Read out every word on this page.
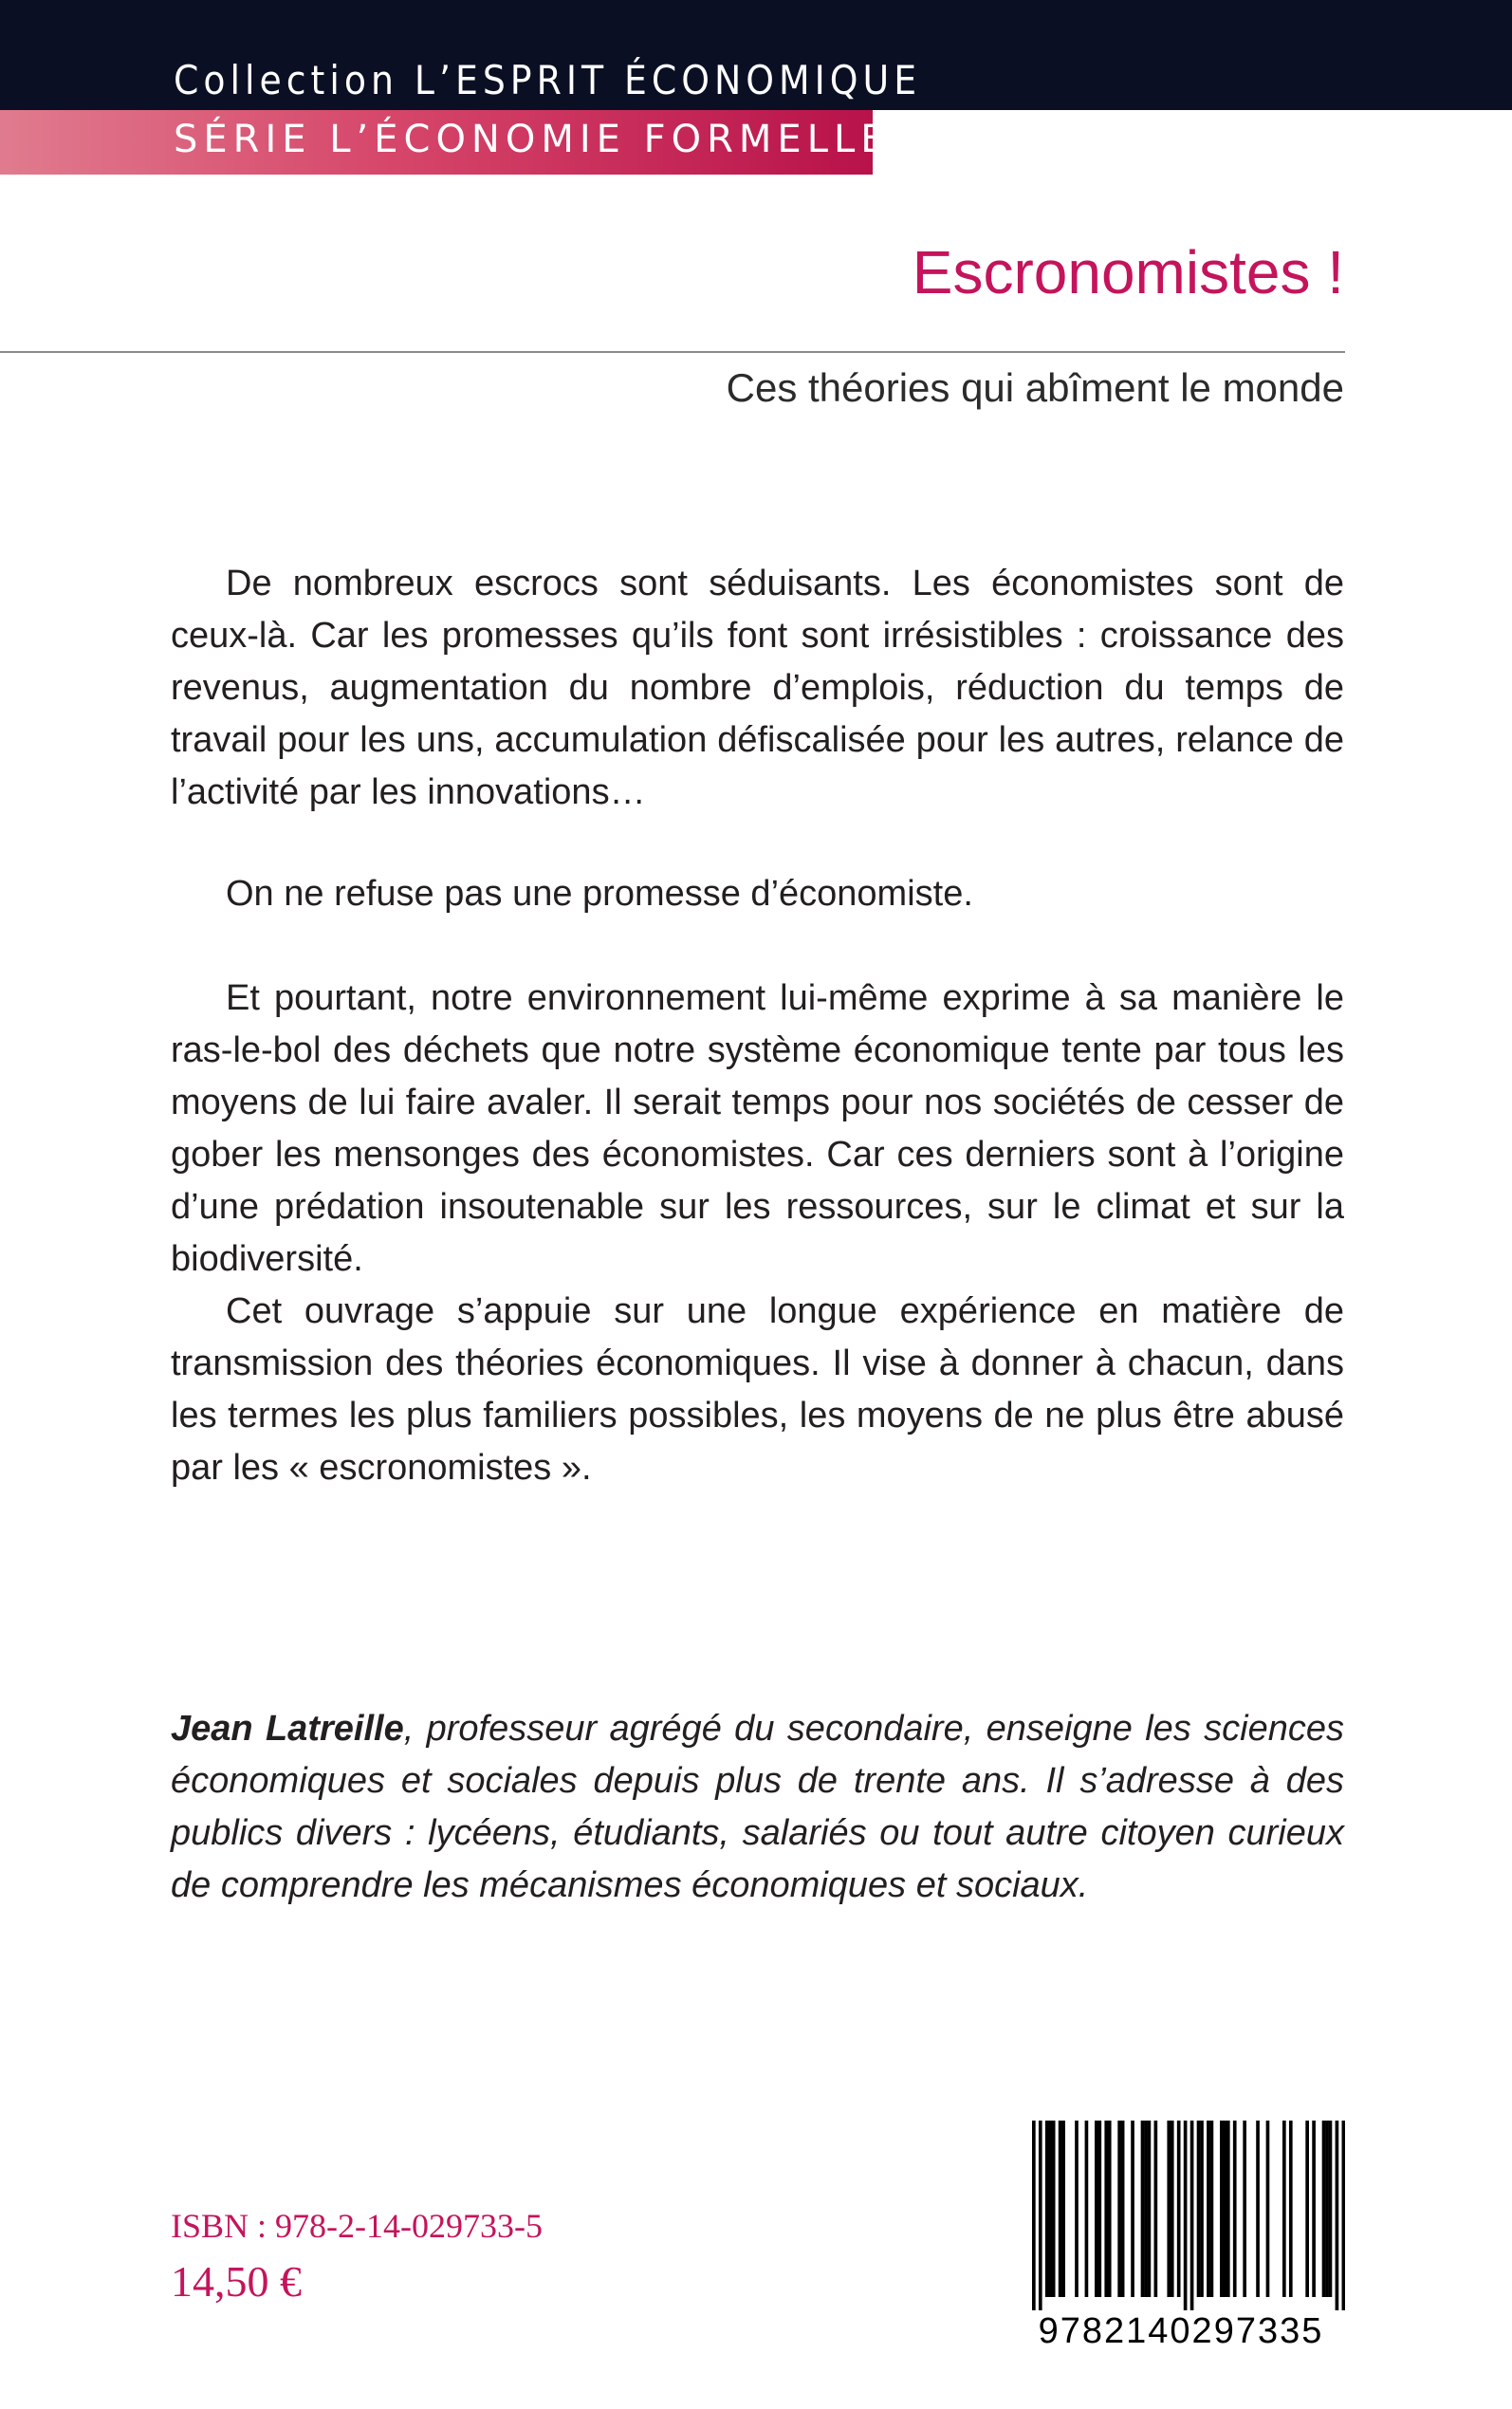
Collection L’ESPRIT ÉCONOMIQUE
SÉRIE L’ÉCONOMIE FORMELLE
Escronomistes !
Ces théories qui abîment le monde

De nombreux escrocs sont séduisants. Les économistes sont de ceux-là. Car les promesses qu’ils font sont irrésistibles : croissance des revenus, augmentation du nombre d’emplois, réduction du temps de travail pour les uns, accumulation défiscalisée pour les autres, relance de l’activité par les innovations…

On ne refuse pas une promesse d’économiste.

Et pourtant, notre environnement lui-même exprime à sa manière le ras-le-bol des déchets que notre système économique tente par tous les moyens de lui faire avaler. Il serait temps pour nos sociétés de cesser de gober les mensonges des économistes. Car ces derniers sont à l’origine d’une prédation insoutenable sur les ressources, sur le climat et sur la biodiversité.

Cet ouvrage s’appuie sur une longue expérience en matière de transmission des théories économiques. Il vise à donner à chacun, dans les termes les plus familiers possibles, les moyens de ne plus être abusé par les « escronomistes ».

Jean Latreille, professeur agrégé du secondaire, enseigne les sciences économiques et sociales depuis plus de trente ans. Il s’adresse à des publics divers : lycéens, étudiants, salariés ou tout autre citoyen curieux de comprendre les mécanismes économiques et sociaux.
ISBN : 978-2-14-029733-5
14,50 €
9782140297335
